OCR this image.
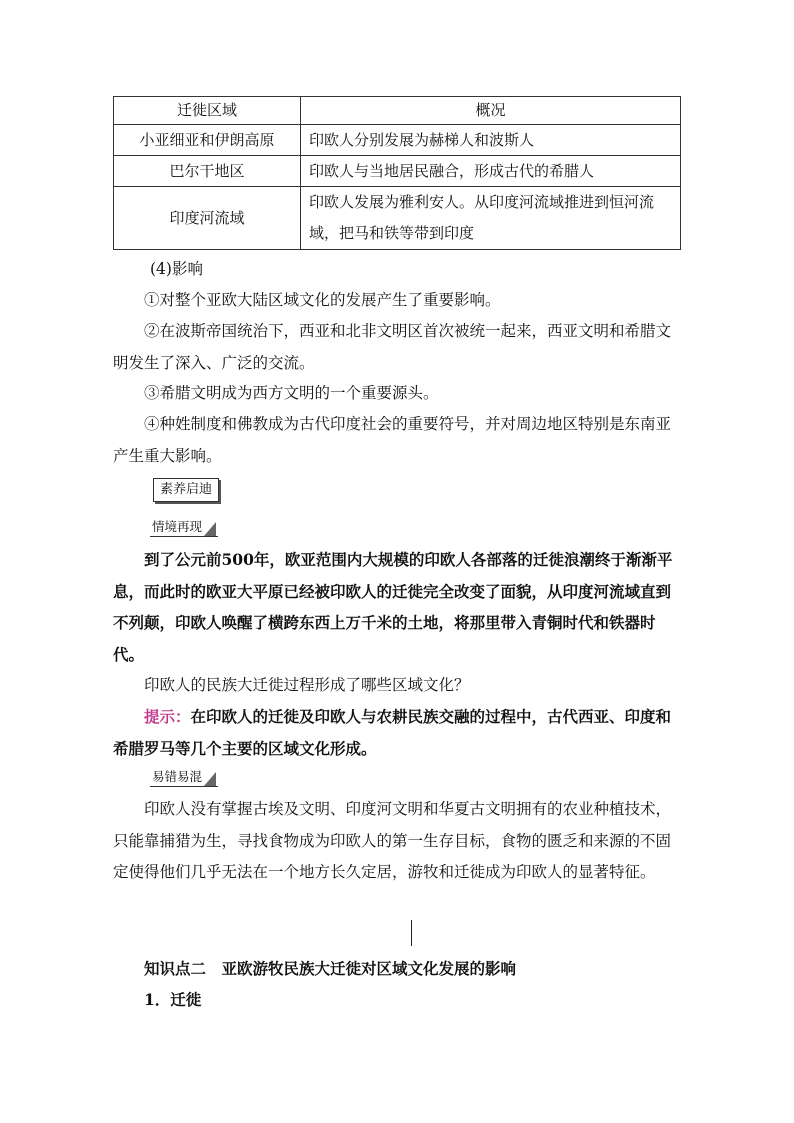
迁徙区域	概况
小亚细亚和伊朗高原	印欧人分别发展为赫梯人和波斯人
巴尔干地区	印欧人与当地居民融合，形成古代的希腊人
印度河流域	印欧人发展为雅利安人。从印度河流域推进到恒河流域，把马和铁等带到印度

(4)影响

①对整个亚欧大陆区域文化的发展产生了重要影响。

②在波斯帝国统治下，西亚和北非文明区首次被统一起来，西亚文明和希腊文明发生了深入、广泛的交流。

③希腊文明成为西方文明的一个重要源头。

④种姓制度和佛教成为古代印度社会的重要符号，并对周边地区特别是东南亚产生重大影响。

素养启迪
情境再现

到了公元前500年，欧亚范围内大规模的印欧人各部落的迁徙浪潮终于渐渐平息，而此时的欧亚大平原已经被印欧人的迁徙完全改变了面貌，从印度河流域直到不列颠，印欧人唤醒了横跨东西上万千米的土地，将那里带入青铜时代和铁器时代。

印欧人的民族大迁徙过程形成了哪些区域文化？

提示：在印欧人的迁徙及印欧人与农耕民族交融的过程中，古代西亚、印度和希腊罗马等几个主要的区域文化形成。

易错易混

印欧人没有掌握古埃及文明、印度河文明和华夏古文明拥有的农业种植技术，只能靠捕猎为生，寻找食物成为印欧人的第一生存目标，食物的匮乏和来源的不固定使得他们几乎无法在一个地方长久定居，游牧和迁徙成为印欧人的显著特征。

知识点二　亚欧游牧民族大迁徙对区域文化发展的影响

1．迁徙
